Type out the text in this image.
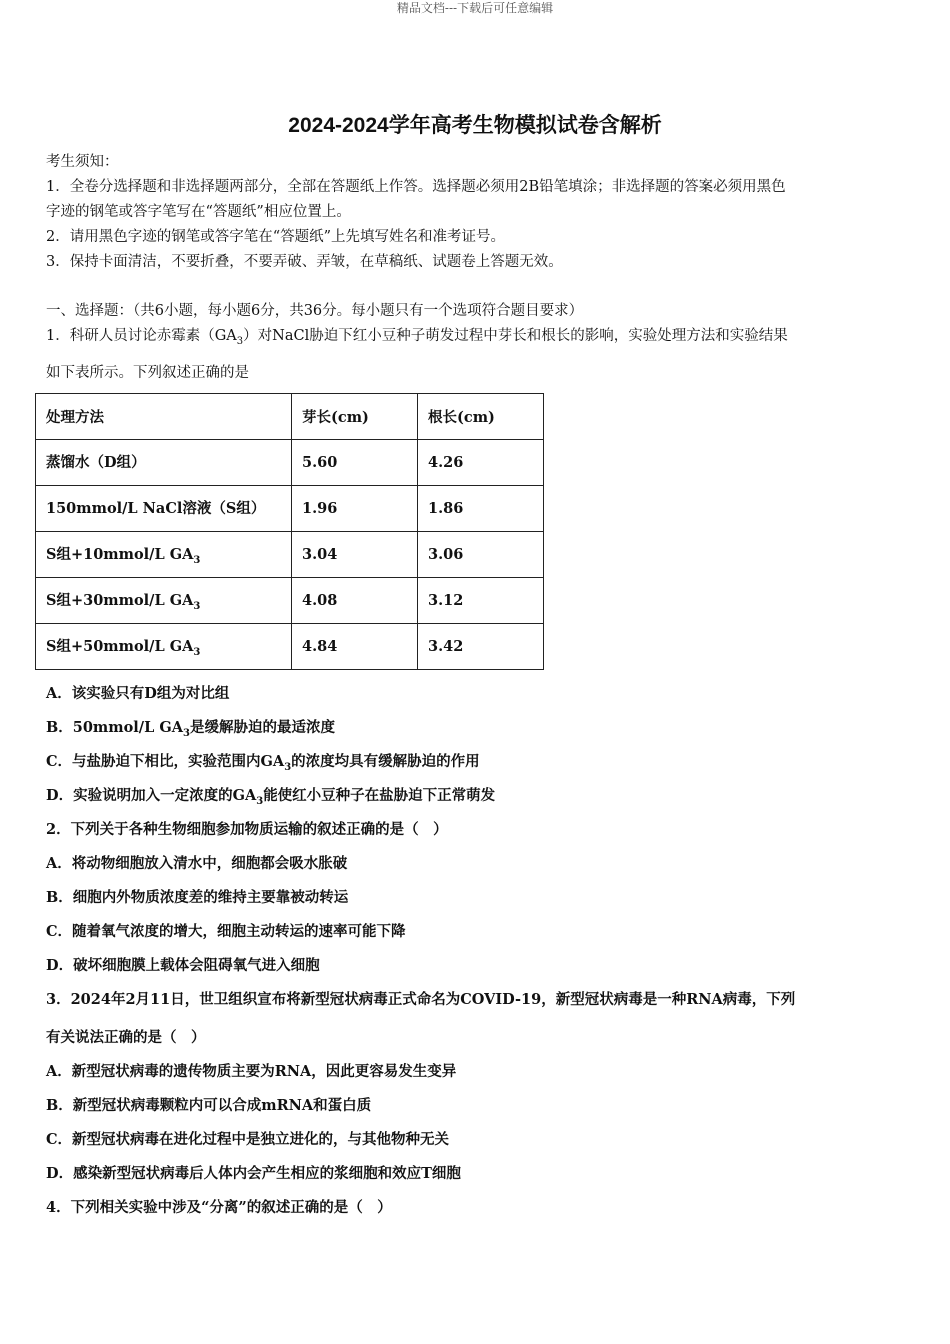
精品文档---下载后可任意编辑
2024-2024学年高考生物模拟试卷含解析
考生须知：
1．全卷分选择题和非选择题两部分，全部在答题纸上作答。选择题必须用2B铅笔填涂；非选择题的答案必须用黑色
字迹的钢笔或答字笔写在“答题纸”相应位置上。
2．请用黑色字迹的钢笔或答字笔在“答题纸”上先填写姓名和准考证号。
3．保持卡面清洁，不要折叠，不要弄破、弄皱，在草稿纸、试题卷上答题无效。
一、选择题：（共6小题，每小题6分，共36分。每小题只有一个选项符合题目要求）
1．科研人员讨论赤霉素$(GA_3)$对NaCl胁迫下红小豆种子萌发过程中芽长和根长的影响，实验处理方法和实验结果
如下表所示。下列叙述正确的是
处理方法	芽长(cm)	根长(cm)
蒸馏水（D组）	5.60	4.26
150mmol/L NaCl溶液（S组）	1.96	1.86
S组+10mmol/L $GA_3$	3.04	3.06
S组+30mmol/L $GA_3$	4.08	3.12
S组+50mmol/L $GA_3$	4.84	3.42
A．该实验只有D组为对比组
B．50mmol/L $GA_3$是缓解胁迫的最适浓度
C．与盐胁迫下相比，实验范围内$GA_3$的浓度均具有缓解胁迫的作用
D．实验说明加入一定浓度的$GA_3$能使红小豆种子在盐胁迫下正常萌发
2．下列关于各种生物细胞参加物质运输的叙述正确的是（　）
A．将动物细胞放入清水中，细胞都会吸水胀破
B．细胞内外物质浓度差的维持主要靠被动转运
C．随着氧气浓度的增大，细胞主动转运的速率可能下降
D．破坏细胞膜上载体会阻碍氧气进入细胞
3．2024年2月11日，世卫组织宣布将新型冠状病毒正式命名为COVID-19，新型冠状病毒是一种RNA病毒，下列
有关说法正确的是（　）
A．新型冠状病毒的遗传物质主要为RNA，因此更容易发生变异
B．新型冠状病毒颗粒内可以合成mRNA和蛋白质
C．新型冠状病毒在进化过程中是独立进化的，与其他物种无关
D．感染新型冠状病毒后人体内会产生相应的浆细胞和效应T细胞
4．下列相关实验中涉及“分离”的叙述正确的是（　）
